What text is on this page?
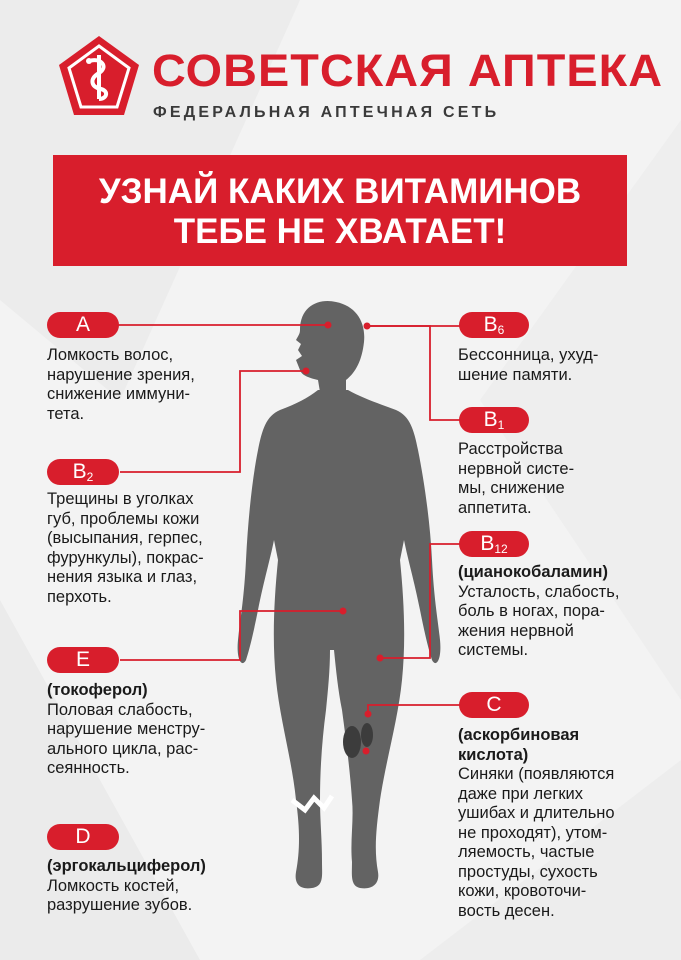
СОВЕТСКАЯ АПТЕКА
ФЕДЕРАЛЬНАЯ АПТЕЧНАЯ СЕТЬ
УЗНАЙ КАКИХ ВИТАМИНОВ
ТЕБЕ НЕ ХВАТАЕТ!
A
$B_2$
E
D
$B_6$
$B_1$
$B_{12}$
C
Ломкость волос,
нарушение зрения,
снижение иммуни-
тета.
Трещины в уголках
губ, проблемы кожи
(высыпания, герпес,
фурункулы), покрас-
нения языка и глаз,
перхоть.
(токоферол)
Половая слабость,
нарушение менстру-
ального цикла, рас-
сеянность.
(эргокальциферол)
Ломкость костей,
разрушение зубов.
Бессонница, ухуд-
шение памяти.
Расстройства
нервной систе-
мы, снижение
аппетита.
(цианокобаламин)
Усталость, слабость,
боль в ногах, пора-
жения нервной
системы.
(аскорбиновая
кислота)
Синяки (появляются
даже при легких
ушибах и длительно
не проходят), утом-
ляемость, частые
простуды, сухость
кожи, кровоточи-
вость десен.
